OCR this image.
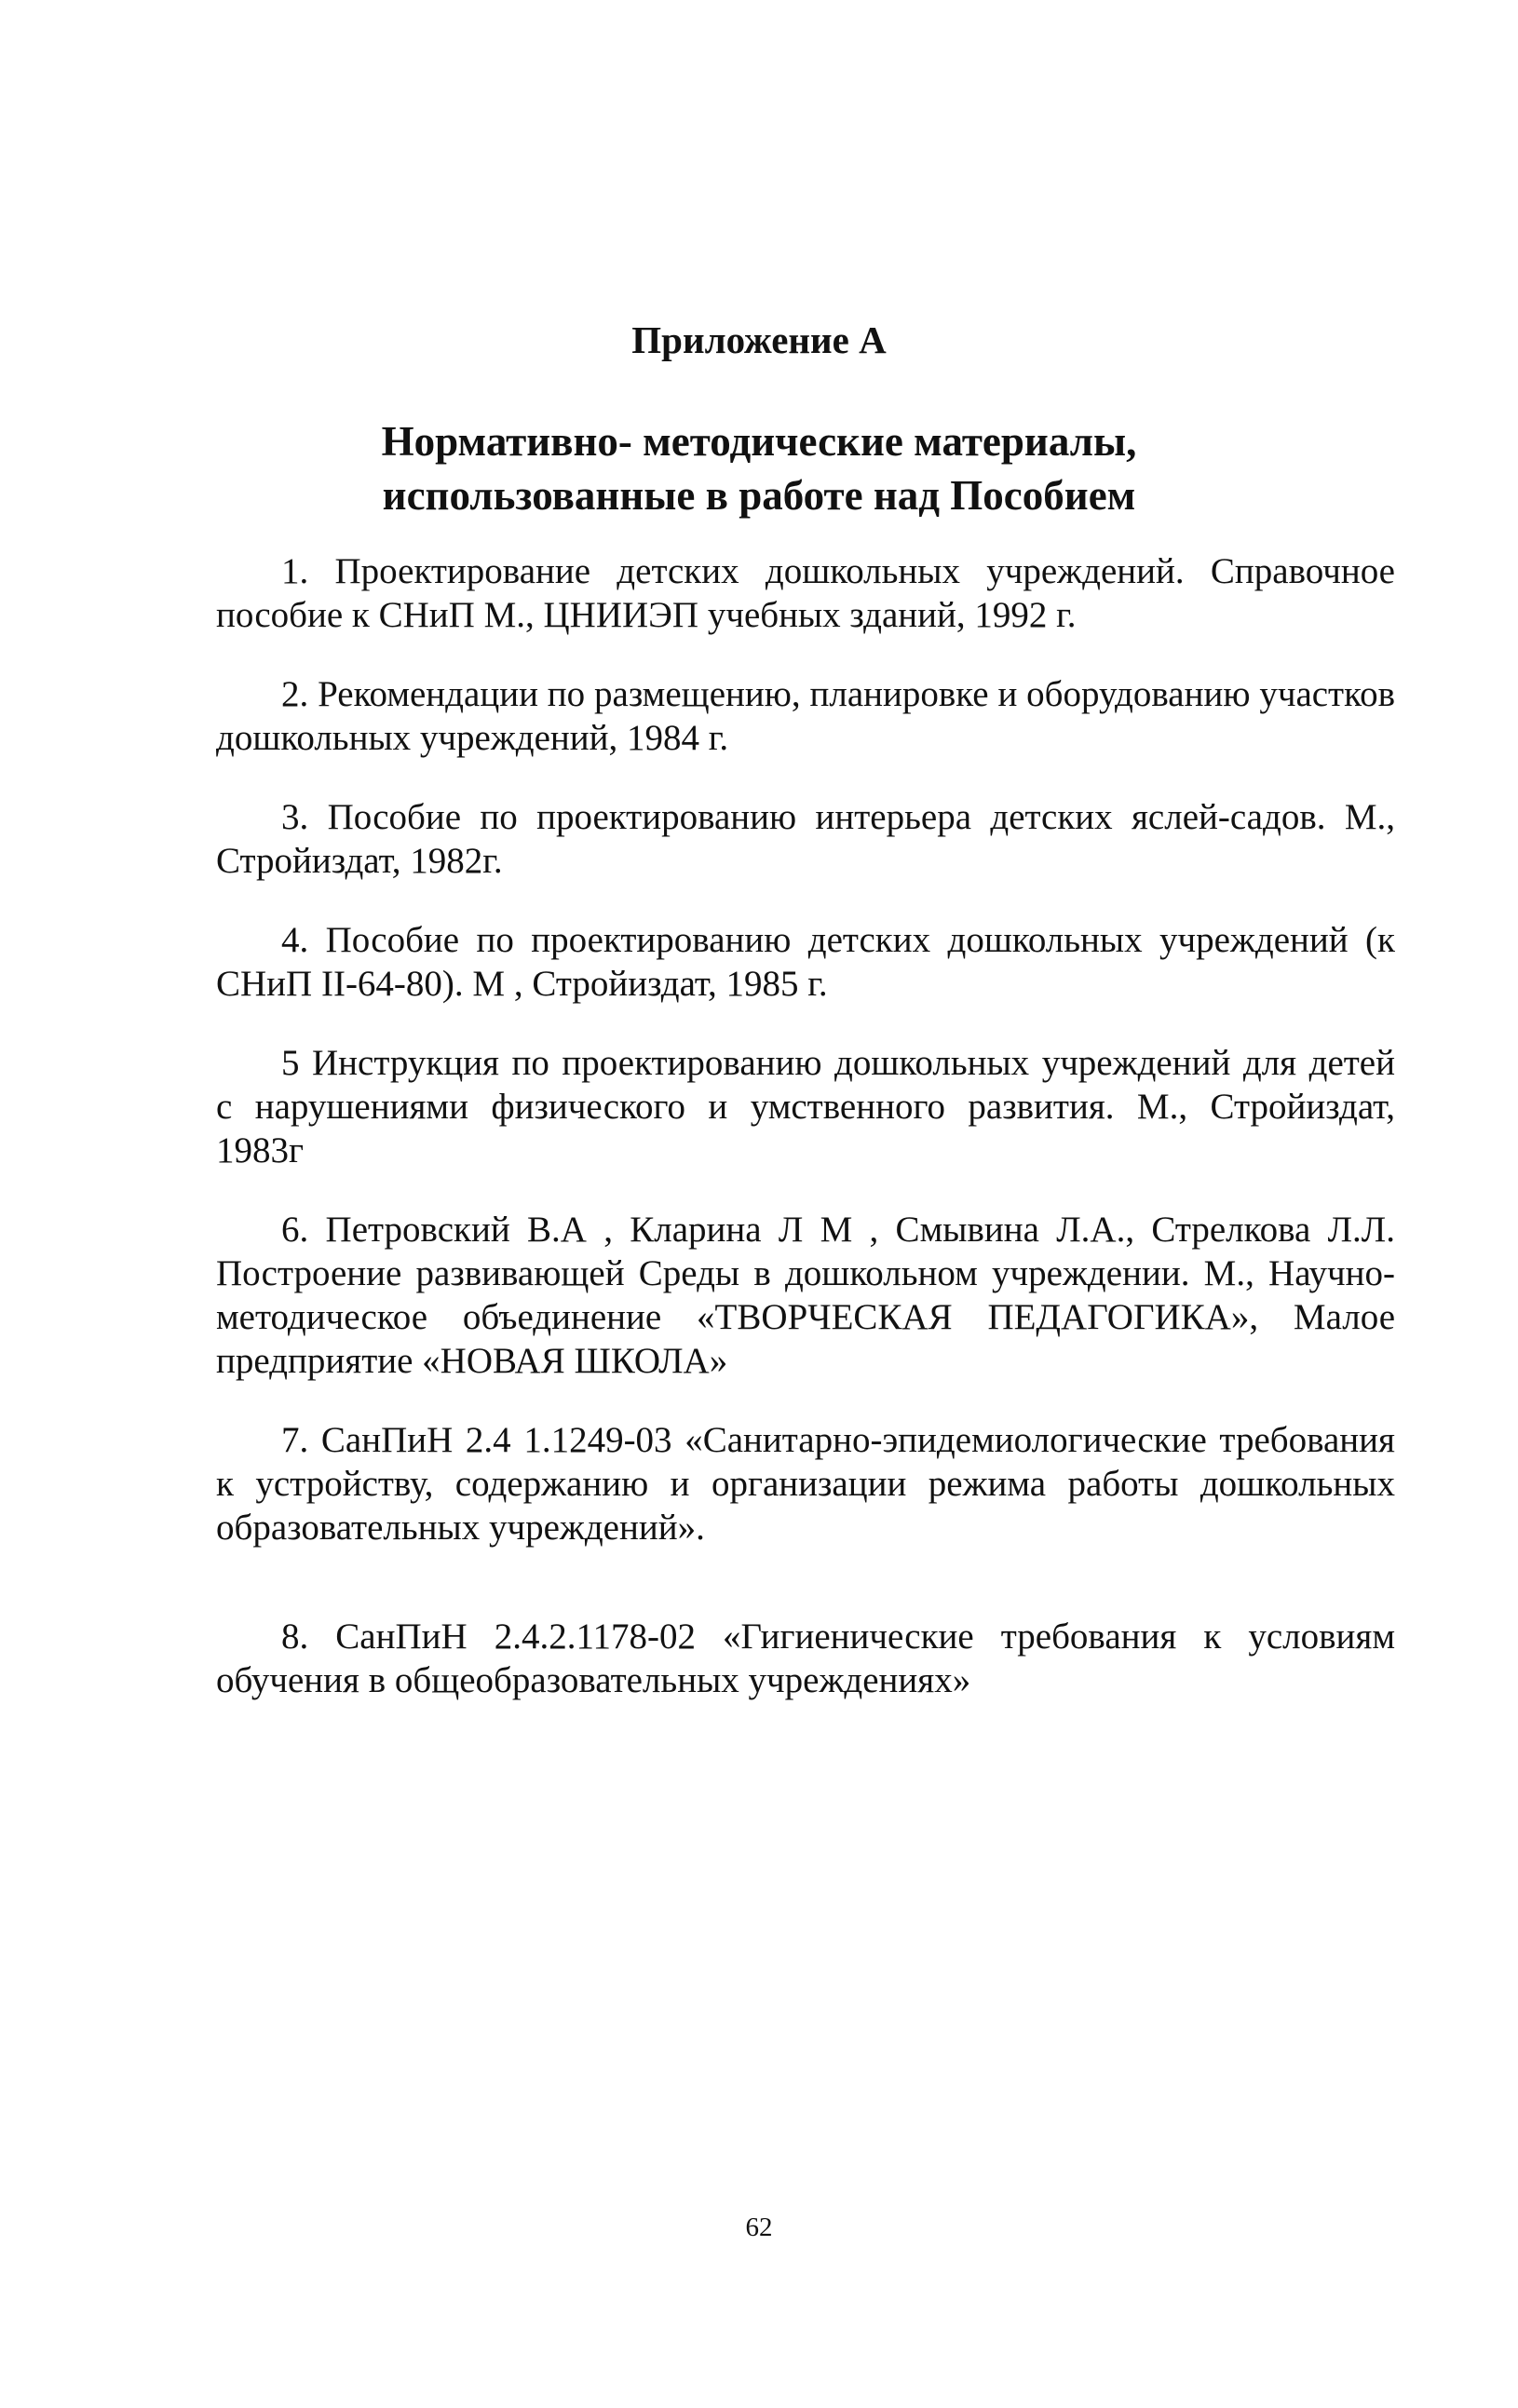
Приложение А
Нормативно- методические материалы,
использованные в работе над Пособием

1. Проектирование детских дошкольных учреждений. Справочное пособие к СНиП М., ЦНИИЭП учебных зданий, 1992 г.

2. Рекомендации по размещению, планировке и оборудованию участков дошкольных учреждений, 1984 г.

3. Пособие по проектированию интерьера детских яслей-садов. М., Стройиздат, 1982г.

4. Пособие по проектированию детских дошкольных учреждений (к СНиП II-64-80). М , Стройиздат, 1985 г.

5 Инструкция по проектированию дошкольных учреждений для детей с нарушениями физического и умственного развития. М., Стройиздат, 1983г

6. Петровский В.А , Кларина Л М , Смывина Л.А., Стрелкова Л.Л. Построение развивающей Среды в дошкольном учреждении. М., Научно-методическое объединение «ТВОРЧЕСКАЯ ПЕДАГОГИКА», Малое предприятие «НОВАЯ ШКОЛА»

7. СанПиН 2.4 1.1249-03 «Санитарно-эпидемиологические требования к устройству, содержанию и организации режима работы дошкольных образовательных учреждений».

8. СанПиН 2.4.2.1178-02 «Гигиенические требования к условиям обучения в общеобразовательных учреждениях»

62
